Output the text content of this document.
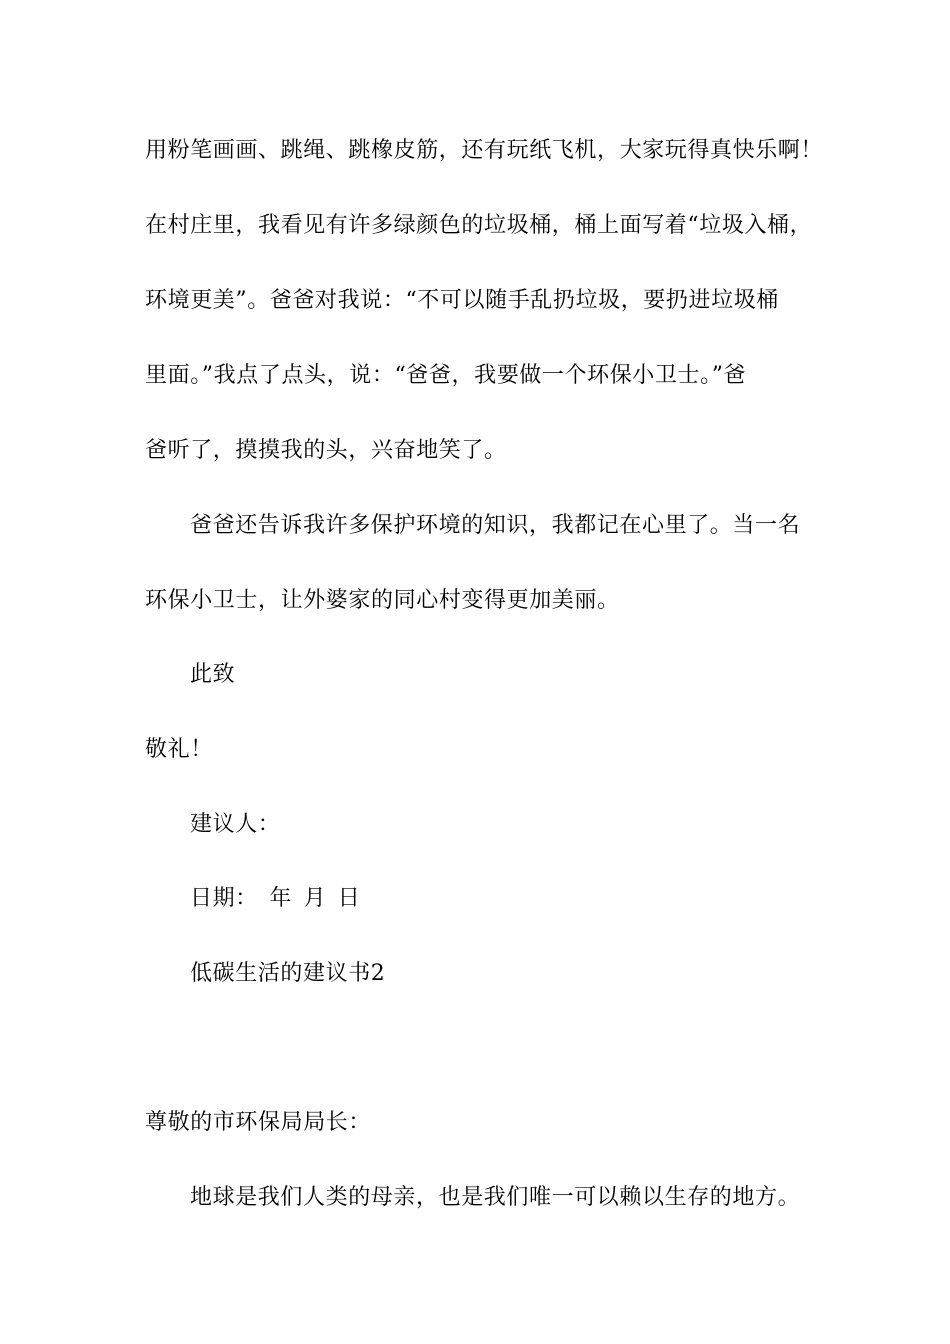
用粉笔画画、跳绳、跳橡皮筋，还有玩纸飞机，大家玩得真快乐啊！
在村庄里，我看见有许多绿颜色的垃圾桶，桶上面写着“垃圾入桶，
环境更美”。爸爸对我说：“不可以随手乱扔垃圾，要扔进垃圾桶
里面。”我点了点头，说：“爸爸，我要做一个环保小卫士。”爸
爸听了，摸摸我的头，兴奋地笑了。
爸爸还告诉我许多保护环境的知识，我都记在心里了。当一名
环保小卫士，让外婆家的同心村变得更加美丽。
此致
敬礼！
建议人：
日期： 年 月 日
低碳生活的建议书2
尊敬的市环保局局长：
地球是我们人类的母亲，也是我们唯一可以赖以生存的地方。
